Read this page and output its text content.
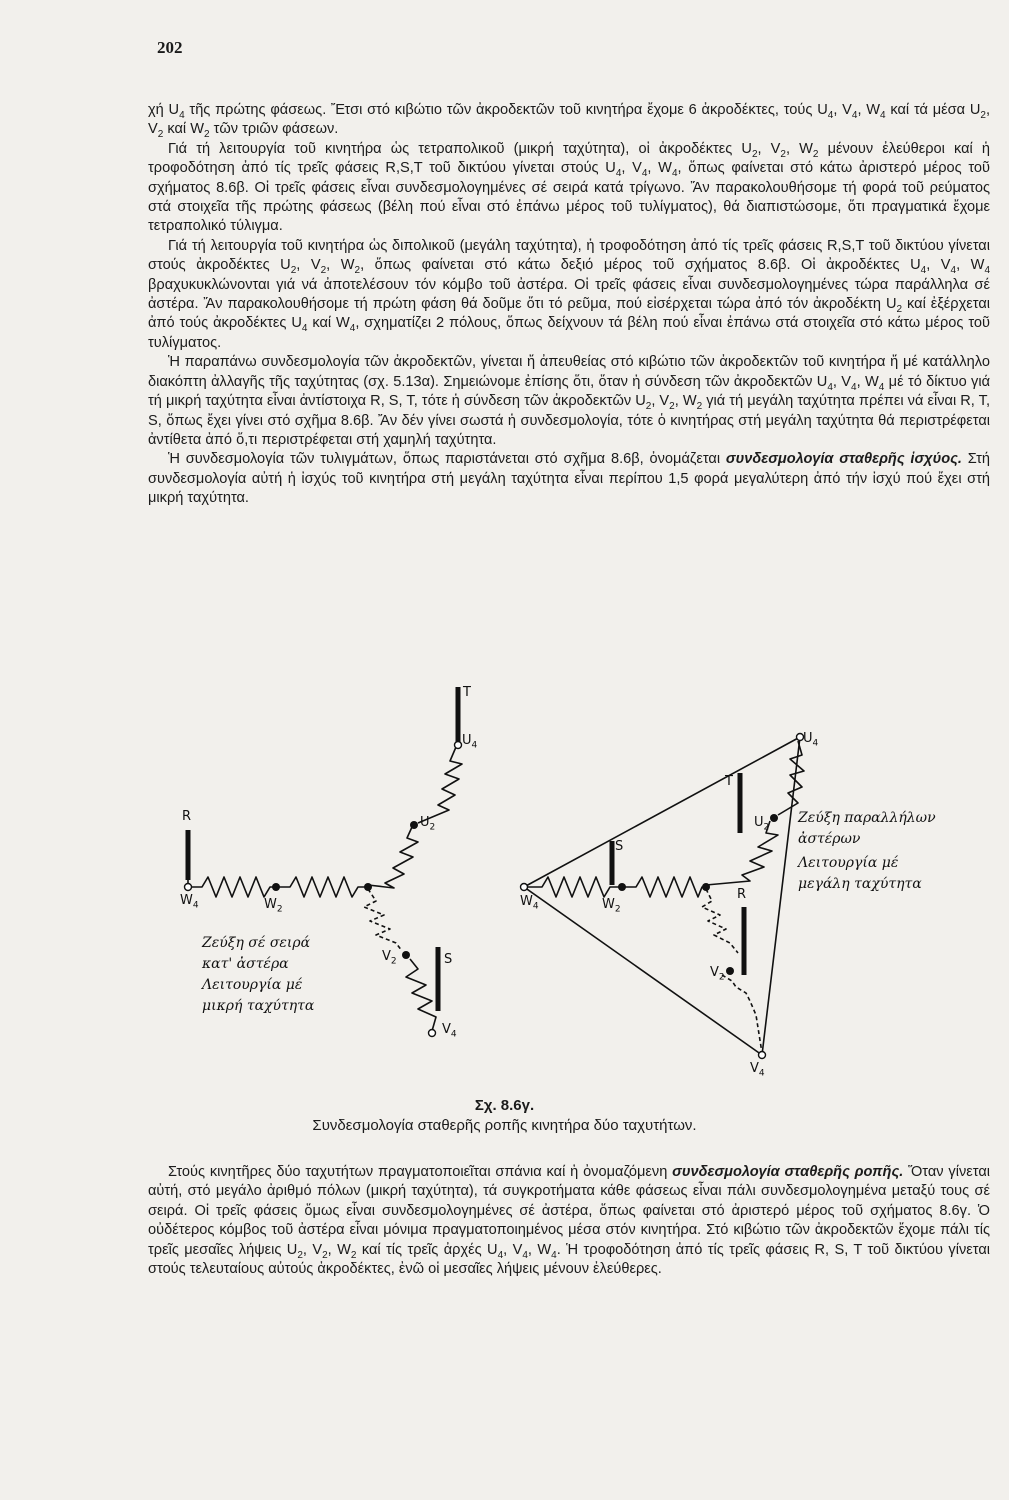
202

χή $U_4$ τῆς πρώτης φάσεως. Ἔτσι στό κιβώτιο τῶν ἀκροδεκτῶν τοῦ κινητήρα ἔχομε 6 ἀκροδέκτες, τούς $U_4$, $V_4$, $W_4$ καί τά μέσα $U_2$, $V_2$ καί $W_2$ τῶν τριῶν φάσεων.

Γιά τή λειτουργία τοῦ κινητήρα ὡς τετραπολικοῦ (μικρή ταχύτητα), οἱ ἀκροδέκτες $U_2$, $V_2$, $W_2$ μένουν ἐλεύθεροι καί ἡ τροφοδότηση ἀπό τίς τρεῖς φάσεις R,S,T τοῦ δικτύου γίνεται στούς $U_4$, $V_4$, $W_4$, ὅπως φαίνεται στό κάτω ἀριστερό μέρος τοῦ σχήματος 8.6β. Οἱ τρεῖς φάσεις εἶναι συνδεσμολογημένες σέ σειρά κατά τρίγωνο. Ἄν παρακολουθήσομε τή φορά τοῦ ρεύματος στά στοιχεῖα τῆς πρώτης φάσεως (βέλη πού εἶναι στό ἐπάνω μέρος τοῦ τυλίγματος), θά διαπιστώσομε, ὅτι πραγματικά ἔχομε τετραπολικό τύλιγμα.

Γιά τή λειτουργία τοῦ κινητήρα ὡς διπολικοῦ (μεγάλη ταχύτητα), ἡ τροφοδότηση ἀπό τίς τρεῖς φάσεις R,S,T τοῦ δικτύου γίνεται στούς ἀκροδέκτες $U_2$, $V_2$, $W_2$, ὅπως φαίνεται στό κάτω δεξιό μέρος τοῦ σχήματος 8.6β. Οἱ ἀκροδέκτες $U_4$, $V_4$, $W_4$ βραχυκυκλώνονται γιά νά ἀποτελέσουν τόν κόμβο τοῦ ἀστέρα. Οἱ τρεῖς φάσεις εἶναι συνδεσμολογημένες τώρα παράλληλα σέ ἀστέρα. Ἄν παρακολουθήσομε τή πρώτη φάση θά δοῦμε ὅτι τό ρεῦμα, πού εἰσέρχεται τώρα ἀπό τόν ἀκροδέκτη $U_2$ καί ἐξέρχεται ἀπό τούς ἀκροδέκτες $U_4$ καί $W_4$, σχηματίζει 2 πόλους, ὅπως δείχνουν τά βέλη πού εἶναι ἐπάνω στά στοιχεῖα στό κάτω μέρος τοῦ τυλίγματος.

Ἡ παραπάνω συνδεσμολογία τῶν ἀκροδεκτῶν, γίνεται ἤ ἀπευθείας στό κιβώτιο τῶν ἀκροδεκτῶν τοῦ κινητήρα ἤ μέ κατάλληλο διακόπτη ἀλλαγῆς τῆς ταχύτητας (σχ. 5.13α). Σημειώνομε ἐπίσης ὅτι, ὅταν ἡ σύνδεση τῶν ἀκροδεκτῶν $U_4$, $V_4$, $W_4$ μέ τό δίκτυο γιά τή μικρή ταχύτητα εἶναι ἀντίστοιχα R, S, T, τότε ἡ σύνδεση τῶν ἀκροδεκτῶν $U_2$, $V_2$, $W_2$ γιά τή μεγάλη ταχύτητα πρέπει νά εἶναι R, T, S, ὅπως ἔχει γίνει στό σχῆμα 8.6β. Ἄν δέν γίνει σωστά ἡ συνδεσμολογία, τότε ὁ κινητήρας στή μεγάλη ταχύτητα θά περιστρέφεται ἀντίθετα ἀπό ὅ,τι περιστρέφεται στή χαμηλή ταχύτητα.

Ἡ συνδεσμολογία τῶν τυλιγμάτων, ὅπως παριστάνεται στό σχῆμα 8.6β, ὀνομάζεται συνδεσμολογία σταθερῆς ἰσχύος. Στή συνδεσμολογία αὐτή ἡ ἰσχύς τοῦ κινητήρα στή μεγάλη ταχύτητα εἶναι περίπου 1,5 φορά μεγαλύτερη ἀπό τήν ἰσχύ πού ἔχει στή μικρή ταχύτητα.

T
$U_4$
$U_2$
R
$W_4$	$W_2$
$V_2$	S
$V_4$
Ζεύξη σέ σειρά
κατ' ἀστέρα
Λειτουργία μέ
μικρή ταχύτητα
$U_4$
T
$U_2$
S
$W_4$	$W_2$
R
$V_2$
$V_4$
Ζεύξη παραλλήλων
ἀστέρων
Λειτουργία μέ
μεγάλη ταχύτητα
Σχ. 8.6γ.
Συνδεσμολογία σταθερῆς ροπῆς κινητήρα δύο ταχυτήτων.

Στούς κινητῆρες δύο ταχυτήτων πραγματοποιεῖται σπάνια καί ἡ ὀνομαζόμενη συνδεσμολογία σταθερῆς ροπῆς. Ὅταν γίνεται αὐτή, στό μεγάλο ἀριθμό πόλων (μικρή ταχύτητα), τά συγκροτήματα κάθε φάσεως εἶναι πάλι συνδεσμολογημένα μεταξύ τους σέ σειρά. Οἱ τρεῖς φάσεις ὅμως εἶναι συνδεσμολογημένες σέ ἀστέρα, ὅπως φαίνεται στό ἀριστερό μέρος τοῦ σχήματος 8.6γ. Ὁ οὐδέτερος κόμβος τοῦ ἀστέρα εἶναι μόνιμα πραγματοποιημένος μέσα στόν κινητήρα. Στό κιβώτιο τῶν ἀκροδεκτῶν ἔχομε πάλι τίς τρεῖς μεσαῖες λήψεις $U_2$, $V_2$, $W_2$ καί τίς τρεῖς ἀρχές $U_4$, $V_4$, $W_4$. Ἡ τροφοδότηση ἀπό τίς τρεῖς φάσεις R, S, T τοῦ δικτύου γίνεται στούς τελευταίους αὐτούς ἀκροδέκτες, ἐνῶ οἱ μεσαῖες λήψεις μένουν ἐλεύθερες.
